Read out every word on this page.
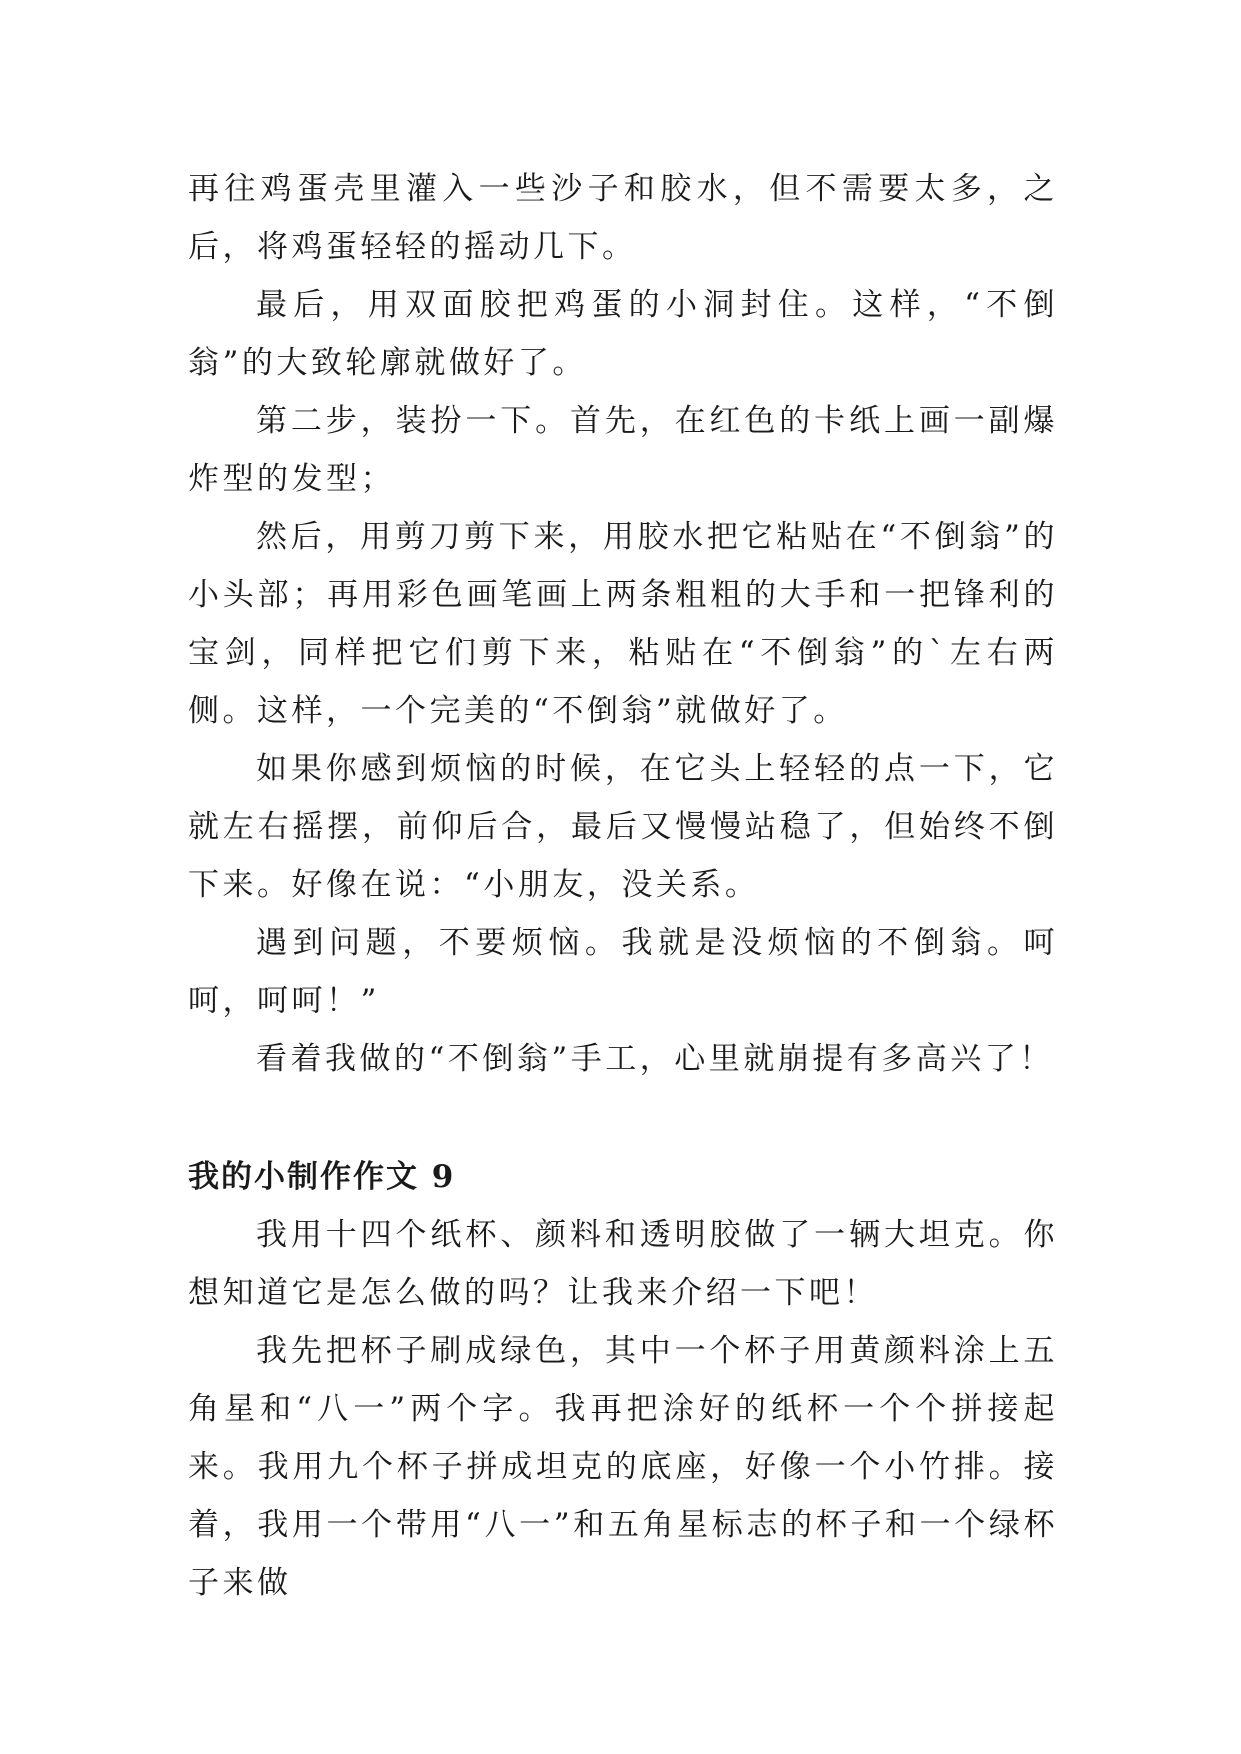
再往鸡蛋壳里灌入一些沙子和胶水，但不需要太多，之后，将鸡蛋轻轻的摇动几下。

最后，用双面胶把鸡蛋的小洞封住。这样，“不倒翁”的大致轮廓就做好了。

第二步，装扮一下。首先，在红色的卡纸上画一副爆炸型的发型；

然后，用剪刀剪下来，用胶水把它粘贴在“不倒翁”的小头部；再用彩色画笔画上两条粗粗的大手和一把锋利的宝剑，同样把它们剪下来，粘贴在“不倒翁”的`左右两侧。这样，一个完美的“不倒翁”就做好了。

如果你感到烦恼的时候，在它头上轻轻的点一下，它就左右摇摆，前仰后合，最后又慢慢站稳了，但始终不倒下来。好像在说：“小朋友，没关系。

遇到问题，不要烦恼。我就是没烦恼的不倒翁。呵呵，呵呵！”

看着我做的“不倒翁”手工，心里就崩提有多高兴了！

我的小制作作文 9

我用十四个纸杯、颜料和透明胶做了一辆大坦克。你想知道它是怎么做的吗？让我来介绍一下吧！

我先把杯子刷成绿色，其中一个杯子用黄颜料涂上五角星和“八一”两个字。我再把涂好的纸杯一个个拼接起来。我用九个杯子拼成坦克的底座，好像一个小竹排。接着，我用一个带用“八一”和五角星标志的杯子和一个绿杯子来做
